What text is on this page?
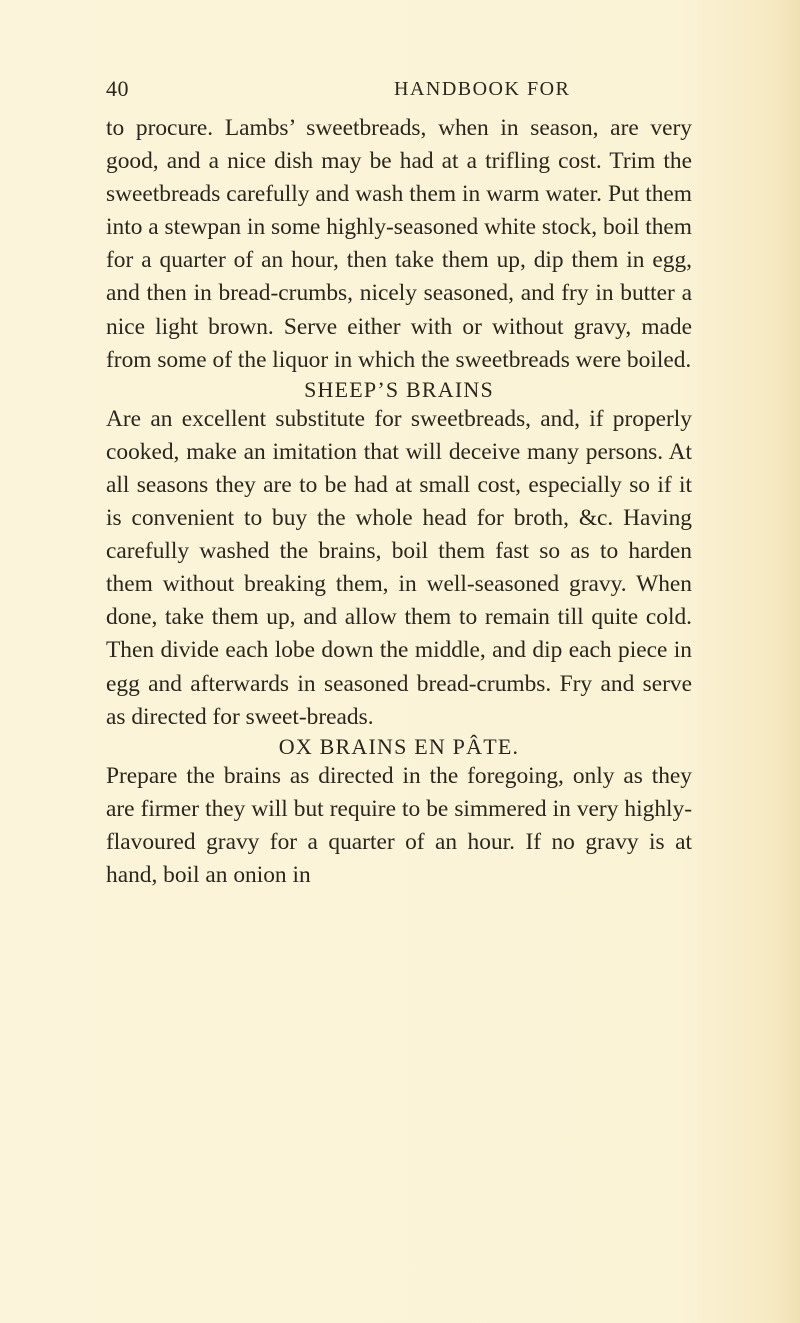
40	HANDBOOK FOR

to procure. Lambs’ sweetbreads, when in season, are very good, and a nice dish may be had at a trifling cost. Trim the sweetbreads carefully and wash them in warm water. Put them into a stewpan in some highly-seasoned white stock, boil them for a quarter of an hour, then take them up, dip them in egg, and then in bread-crumbs, nicely seasoned, and fry in butter a nice light brown. Serve either with or without gravy, made from some of the liquor in which the sweetbreads were boiled.

SHEEP’S BRAINS

Are an excellent substitute for sweetbreads, and, if properly cooked, make an imitation that will deceive many persons. At all seasons they are to be had at small cost, especially so if it is convenient to buy the whole head for broth, &c. Having carefully washed the brains, boil them fast so as to harden them without breaking them, in well-seasoned gravy. When done, take them up, and allow them to remain till quite cold. Then divide each lobe down the middle, and dip each piece in egg and afterwards in seasoned bread-crumbs. Fry and serve as directed for sweet-breads.

OX BRAINS EN PÂTE.

Prepare the brains as directed in the foregoing, only as they are firmer they will but require to be simmered in very highly-flavoured gravy for a quarter of an hour. If no gravy is at hand, boil an onion in
